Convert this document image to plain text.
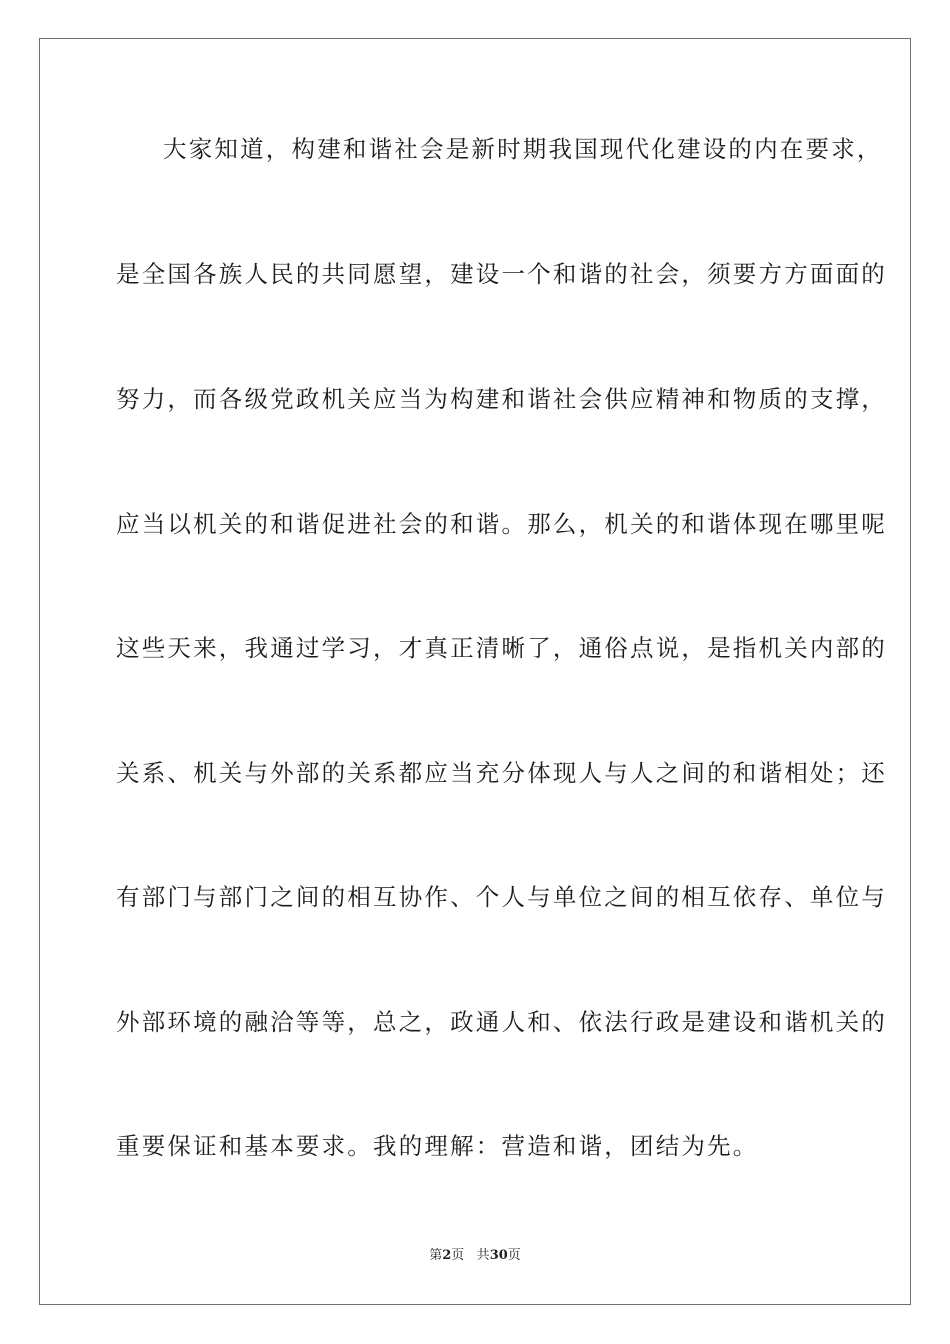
大家知道，构建和谐社会是新时期我国现代化建设的内在要求，
是全国各族人民的共同愿望，建设一个和谐的社会，须要方方面面的
努力，而各级党政机关应当为构建和谐社会供应精神和物质的支撑，
应当以机关的和谐促进社会的和谐。那么，机关的和谐体现在哪里呢
这些天来，我通过学习，才真正清晰了，通俗点说，是指机关内部的
关系、机关与外部的关系都应当充分体现人与人之间的和谐相处；还
有部门与部门之间的相互协作、个人与单位之间的相互依存、单位与
外部环境的融洽等等，总之，政通人和、依法行政是建设和谐机关的
重要保证和基本要求。我的理解：营造和谐，团结为先。
第2页 共30页
